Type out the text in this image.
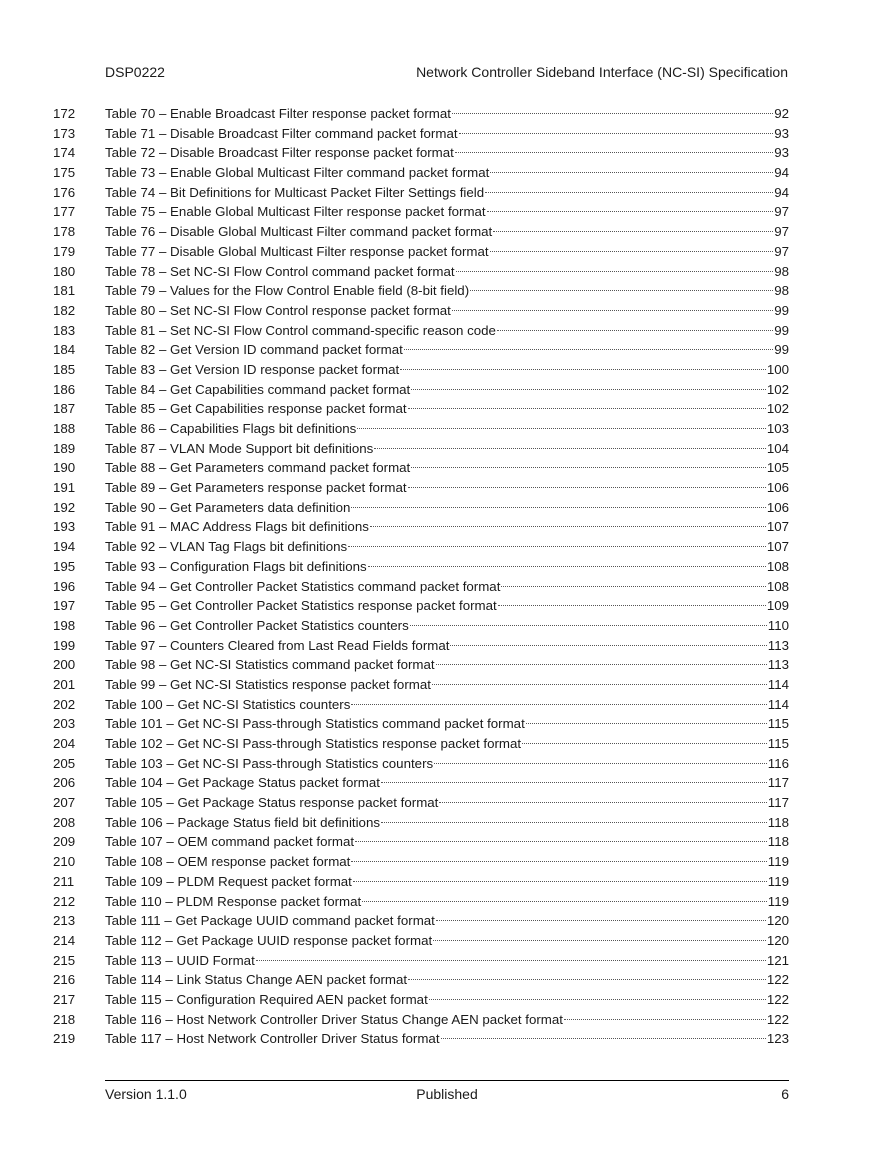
DSP0222	Network Controller Sideband Interface (NC-SI) Specification
172	Table 70 – Enable Broadcast Filter response packet format	92
173	Table 71 – Disable Broadcast Filter command packet format	93
174	Table 72 – Disable Broadcast Filter response packet format	93
175	Table 73 – Enable Global Multicast Filter command packet format	94
176	Table 74 – Bit Definitions for Multicast Packet Filter Settings field	94
177	Table 75 – Enable Global Multicast Filter response packet format	97
178	Table 76 – Disable Global Multicast Filter command packet format	97
179	Table 77 – Disable Global Multicast Filter response packet format	97
180	Table 78 – Set NC-SI Flow Control command packet format	98
181	Table 79 – Values for the Flow Control Enable field (8-bit field)	98
182	Table 80 – Set NC-SI Flow Control response packet format	99
183	Table 81 – Set NC-SI Flow Control command-specific reason code	99
184	Table 82 – Get Version ID command packet format	99
185	Table 83 – Get Version ID response packet format	100
186	Table 84 – Get Capabilities command packet format	102
187	Table 85 – Get Capabilities response packet format	102
188	Table 86 – Capabilities Flags bit definitions	103
189	Table 87 – VLAN Mode Support bit definitions	104
190	Table 88 – Get Parameters command packet format	105
191	Table 89 – Get Parameters response packet format	106
192	Table 90 – Get Parameters data definition	106
193	Table 91 – MAC Address Flags bit definitions	107
194	Table 92 – VLAN Tag Flags bit definitions	107
195	Table 93 – Configuration Flags bit definitions	108
196	Table 94 – Get Controller Packet Statistics command packet format	108
197	Table 95 – Get Controller Packet Statistics response packet format	109
198	Table 96 – Get Controller Packet Statistics counters	110
199	Table 97 – Counters Cleared from Last Read Fields format	113
200	Table 98 – Get NC-SI Statistics command packet format	113
201	Table 99 – Get NC-SI Statistics response packet format	114
202	Table 100 – Get NC-SI Statistics counters	114
203	Table 101 – Get NC-SI Pass-through Statistics command packet format	115
204	Table 102 – Get NC-SI Pass-through Statistics response packet format	115
205	Table 103 – Get NC-SI Pass-through Statistics counters	116
206	Table 104 – Get Package Status packet format	117
207	Table 105 – Get Package Status response packet format	117
208	Table 106 – Package Status field bit definitions	118
209	Table 107 – OEM command packet format	118
210	Table 108 – OEM response packet format	119
211	Table 109 – PLDM Request packet format	119
212	Table 110 – PLDM Response packet format	119
213	Table 111 – Get Package UUID command packet format	120
214	Table 112 – Get Package UUID response packet format	120
215	Table 113 – UUID Format	121
216	Table 114 – Link Status Change AEN packet format	122
217	Table 115 – Configuration Required AEN packet format	122
218	Table 116 – Host Network Controller Driver Status Change AEN packet format	122
219	Table 117 – Host Network Controller Driver Status format	123
Version 1.1.0	Published	6
